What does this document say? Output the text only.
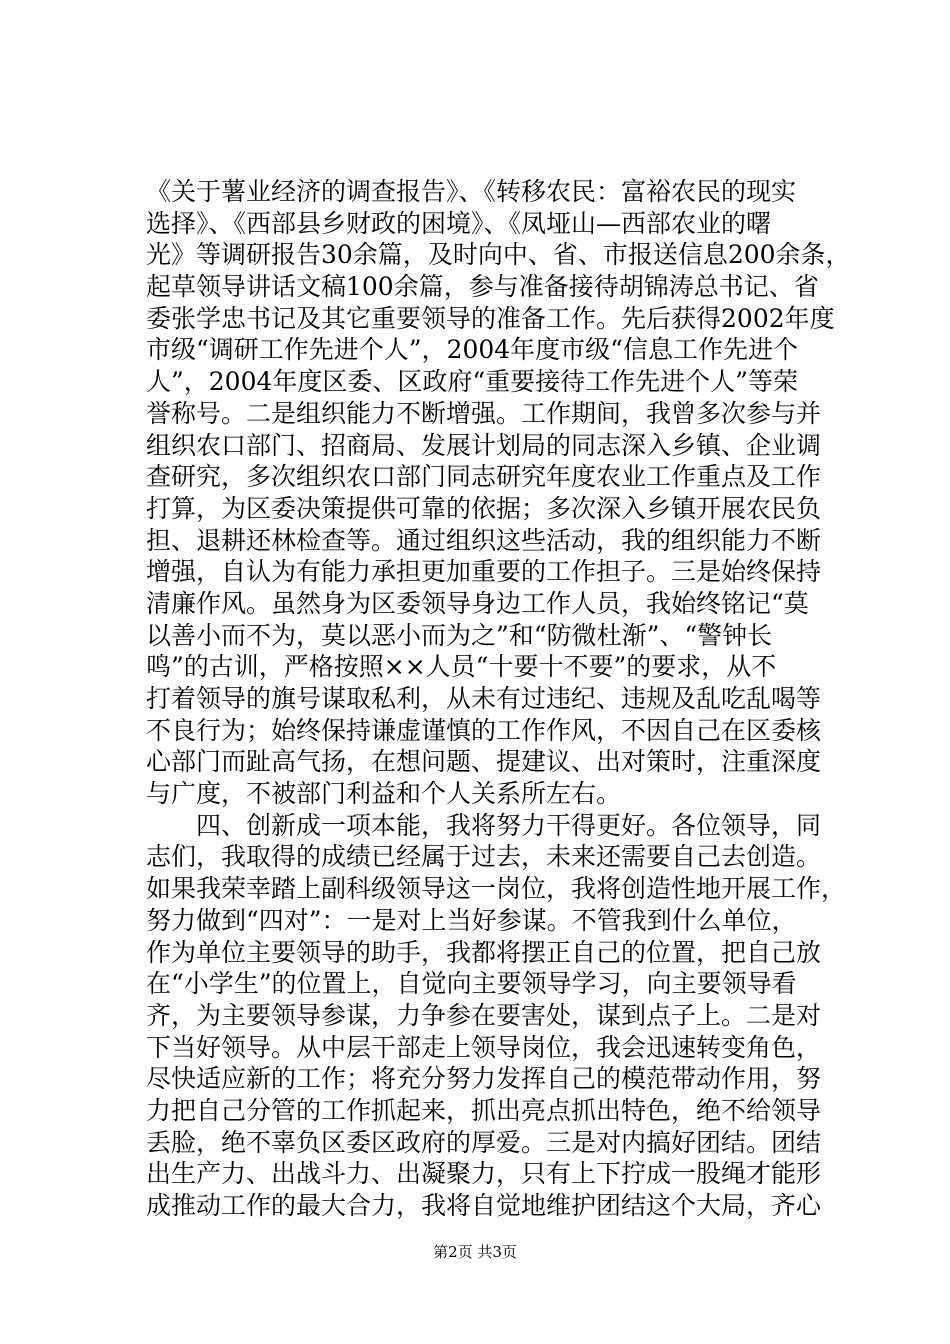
《关于薯业经济的调查报告》、《转移农民：富裕农民的现实
选择》、《西部县乡财政的困境》、《凤垭山—西部农业的曙
光》等调研报告30余篇，及时向中、省、市报送信息200余条，
起草领导讲话文稿100余篇，参与准备接待胡锦涛总书记、省
委张学忠书记及其它重要领导的准备工作。先后获得2002年度
市级“调研工作先进个人”，2004年度市级“信息工作先进个
人”，2004年度区委、区政府“重要接待工作先进个人”等荣
誉称号。二是组织能力不断增强。工作期间，我曾多次参与并
组织农口部门、招商局、发展计划局的同志深入乡镇、企业调
查研究，多次组织农口部门同志研究年度农业工作重点及工作
打算，为区委决策提供可靠的依据；多次深入乡镇开展农民负
担、退耕还林检查等。通过组织这些活动，我的组织能力不断
增强，自认为有能力承担更加重要的工作担子。三是始终保持
清廉作风。虽然身为区委领导身边工作人员，我始终铭记“莫
以善小而不为，莫以恶小而为之”和“防微杜渐”、“警钟长
鸣”的古训，严格按照××人员“十要十不要”的要求，从不
打着领导的旗号谋取私利，从未有过违纪、违规及乱吃乱喝等
不良行为；始终保持谦虚谨慎的工作作风，不因自己在区委核
心部门而趾高气扬，在想问题、提建议、出对策时，注重深度
与广度，不被部门利益和个人关系所左右。
四、创新成一项本能，我将努力干得更好。各位领导，同
志们，我取得的成绩已经属于过去，未来还需要自己去创造。
如果我荣幸踏上副科级领导这一岗位，我将创造性地开展工作，
努力做到“四对”：一是对上当好参谋。不管我到什么单位，
作为单位主要领导的助手，我都将摆正自己的位置，把自己放
在“小学生”的位置上，自觉向主要领导学习，向主要领导看
齐，为主要领导参谋，力争参在要害处，谋到点子上。二是对
下当好领导。从中层干部走上领导岗位，我会迅速转变角色，
尽快适应新的工作；将充分努力发挥自己的模范带动作用，努
力把自己分管的工作抓起来，抓出亮点抓出特色，绝不给领导
丢脸，绝不辜负区委区政府的厚爱。三是对内搞好团结。团结
出生产力、出战斗力、出凝聚力，只有上下拧成一股绳才能形
成推动工作的最大合力，我将自觉地维护团结这个大局，齐心
第2页 共3页
